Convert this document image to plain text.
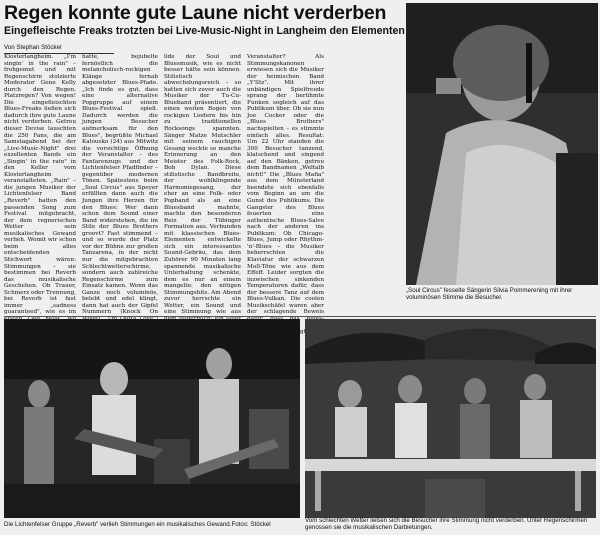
Regen konnte gute Laune nicht verderben
Eingefleischte Freaks trotzten bei Live-Music-Night in Langheim den Elementen
Von Stephan Stöckel

Klosterlangheim. „I'm singin' in the rain" – frohgemut und mit Regenschirm stolzierte Moderator Gene Kelly durch den Regen. Platzregen? Von wegen! Die eingefleischten Blues-Freaks ließen sich dadurch ihre gute Laune nicht verderben. Getreu dieser Devise lauschten die 250 Fans, die am Samstagabend bei der „Live-Music-Night" drei exzellenten Bands ein „Singin' in the rain" in den Keller vom Klosterlangheim veranstalteten. „Rain" – die jungen Musiker der Lichtenfelser Band „Reverb" hatten den passenden Song zum Festival mitgebracht, der dem regnerischen Wetter sein musikalisches Gewand verlieh. Womit wir schon beim alles entscheidenden Stichwort wären: Stimmungen – sie bestimmen bei Reverb das musikalische Geschehen. Ob Trauer, Schmerz oder Trennung, bei Reverb ist fast immer „sadness guaranteed", wie es im

hatte, bejubelte fernöstlich die melancholisch-rockigen Klänge fernab abgesetzter Blues-Pfade. „Ich finde es gut, dass eine alternative Popgruppe auf einem Blues-Festival spielt. Dadurch werden die jungen Besucher aufmerksam für den Blues", begrüßte Michael Kalousko (24) aus Mitwitz die vorsichtige Öffnung der Veranstalter – des Fanfarenzugs und der Lichtenfelser Pfadfinder – gegenüber modernen Tönen. Spätestens beim „Soul Circus" aus Speyer erfüllten dann auch die Jungen ihre Herzen für den Blues: Wer dann schon dem Sound einer Band widerstehen, die im Stile der Blues Brothers groovt? Fast stimmend – und so wurde der Platz vor der Bühne zur großen Tanzarena, in der nicht nur die mitgebrachten Schlechtwetterschirme, sondern auch zahlreiche Regenschirme zum Einsatz kamen. Wenn das Ganze noch voluminös, belebt und edel klingt, dann hat auch der Gipfel Nummern (Knock On

lide der Soul und Bluesmusik, wie es nicht besser hätte sein können. Stilistisch abwechslungsreich – so hatten sich zuvor auch die Musiker der Tu-Cu-Blueband präsentiert, die einen weiten Bogen von rockigen Liedern bis hin zu traditionellen Rocksongs spannten. Sänger Matze Mutschler mit seinem rauchigen Gesang weckte so manche Erinnerung an den Meister des Folk-Rock, Bob Dylan. Diese stilistische Bandbreite, der wohlklingende Harmoniegesang, der eher an eine Folk- oder Popband als an eine Bluesband mahnte, machte den besonderen Reiz der Tübinger Formation aus. Verbunden mit klassischen Blues-Elementen entwickelte sich ein interessantes Sound-Gebräu, das dem Zuhörer 90 Minuten lang spannende musikalische Unterhaltung schenkte, dem es nur an einem mangelte: den nötigen Stimmungshits. Am Abend zuvor herrschte ein Wetter, ein Sound und eine Stimmung wie aus

Veranstalter? Als Stimmungskanonen erwiesen sich die Musiker der heimischen Band „Y'Stz". Mit ihrer unbändigen Spielfreude sprang der berühmte Funken sogleich auf das Publikum über. Ob sie nun Joe Cocker oder die „Blues Brothers" nachspielten – es stimmte einfach alles. Resultat: Um 22 Uhr standen die 300 Besucher tanzend, klatschend und singend auf den Bänken, getreu dem Bandnamen „Weltalb nicht!" Die „Blues Mafia" aus dem Münsterland beendete sich ebenfalls vom Beginn an um die Gunst des Publikums. Die Gangster des Blues feuerten eine authentische Blues-Salve nach der anderen ins Publikum: Ob Chicago-Blues, Jump oder Rhythm-'n'-Blues – die Musiker beherrschten die Klaviatur der schwarzen Moll-Töne wie aus dem Effeff. Leider sorgten die inzwischen sinkenden Temperaturen dafür, dass der bessere Tanz auf dem Blues-Vulkan. Die coolen Musikschäfel waren aber der schlagende Beweis

„Soul Circus" fesselte Sängerin Silvia Pommerening mit ihrer voluminösen Stimme die Besucher.
Die Lichtenfelser Gruppe „Reverb" verlieh Stimmungen ein musikalisches Gewand.Fotos: Stöckel
Vom schlechten Wetter ließen sich die Besucher ihre Stimmung nicht verderben. Unter Regenschirmen genossen sie die musikalischen Darbietungen.
